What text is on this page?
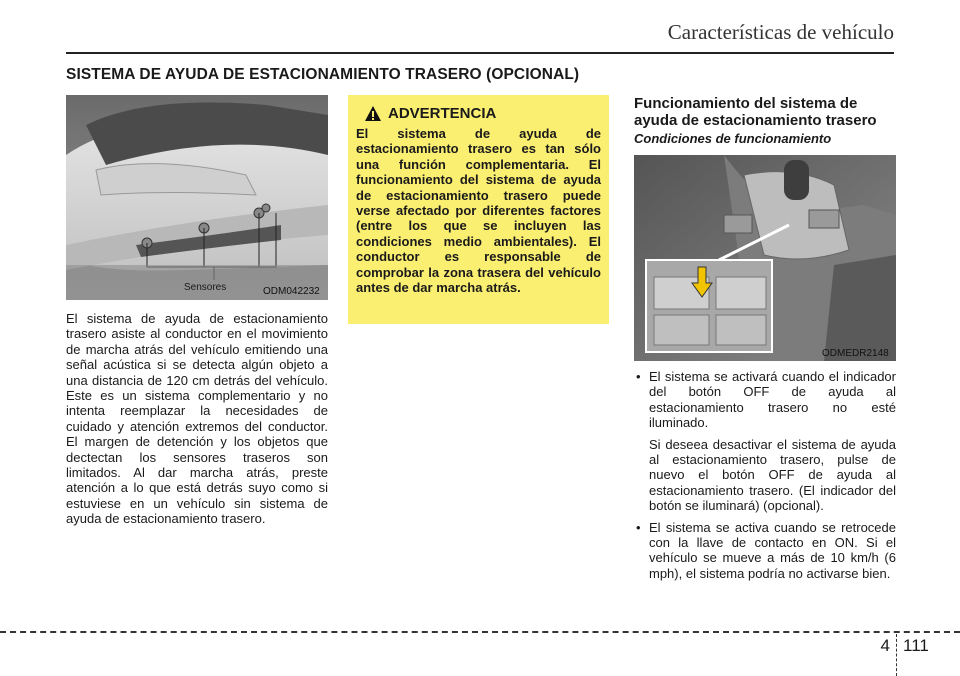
Características de vehículo
SISTEMA DE AYUDA DE ESTACIONAMIENTO TRASERO (OPCIONAL)
Sensores	ODM042232
El sistema de ayuda de estacionamiento trasero asiste al conductor en el movimiento de marcha atrás del vehículo emitiendo una señal acústica si se detecta algún objeto a una distancia de 120 cm detrás del vehículo. Este es un sistema complementario y no intenta reemplazar la necesidades de cuidado y atención extremos del conductor. El margen de detención y los objetos que dectectan los sensores traseros son limitados. Al dar marcha atrás, preste atención a lo que está detrás suyo como si estuviese en un vehículo sin sistema de ayuda de estacionamiento trasero.
ADVERTENCIA
El sistema de ayuda de estacionamiento trasero es tan sólo una función complementaria. El funcionamiento del sistema de ayuda de estacionamiento trasero puede verse afectado por diferentes factores (entre los que se incluyen las condiciones medio ambientales). El conductor es responsable de comprobar la zona trasera del vehículo antes de dar marcha atrás.
Funcionamiento del sistema de ayuda de estacionamiento trasero
Condiciones de funcionamiento
ODMEDR2148
• El sistema se activará cuando el indicador del botón OFF de ayuda al estacionamiento trasero no esté iluminado.
Si deseea desactivar el sistema de ayuda al estacionamiento trasero, pulse de nuevo el botón OFF de ayuda al estacionamiento trasero. (El indicador del botón se iluminará) (opcional).
• El sistema se activa cuando se retrocede con la llave de contacto en ON. Si el vehículo se mueve a más de 10 km/h (6 mph), el sistema podría no activarse bien.
4 111
